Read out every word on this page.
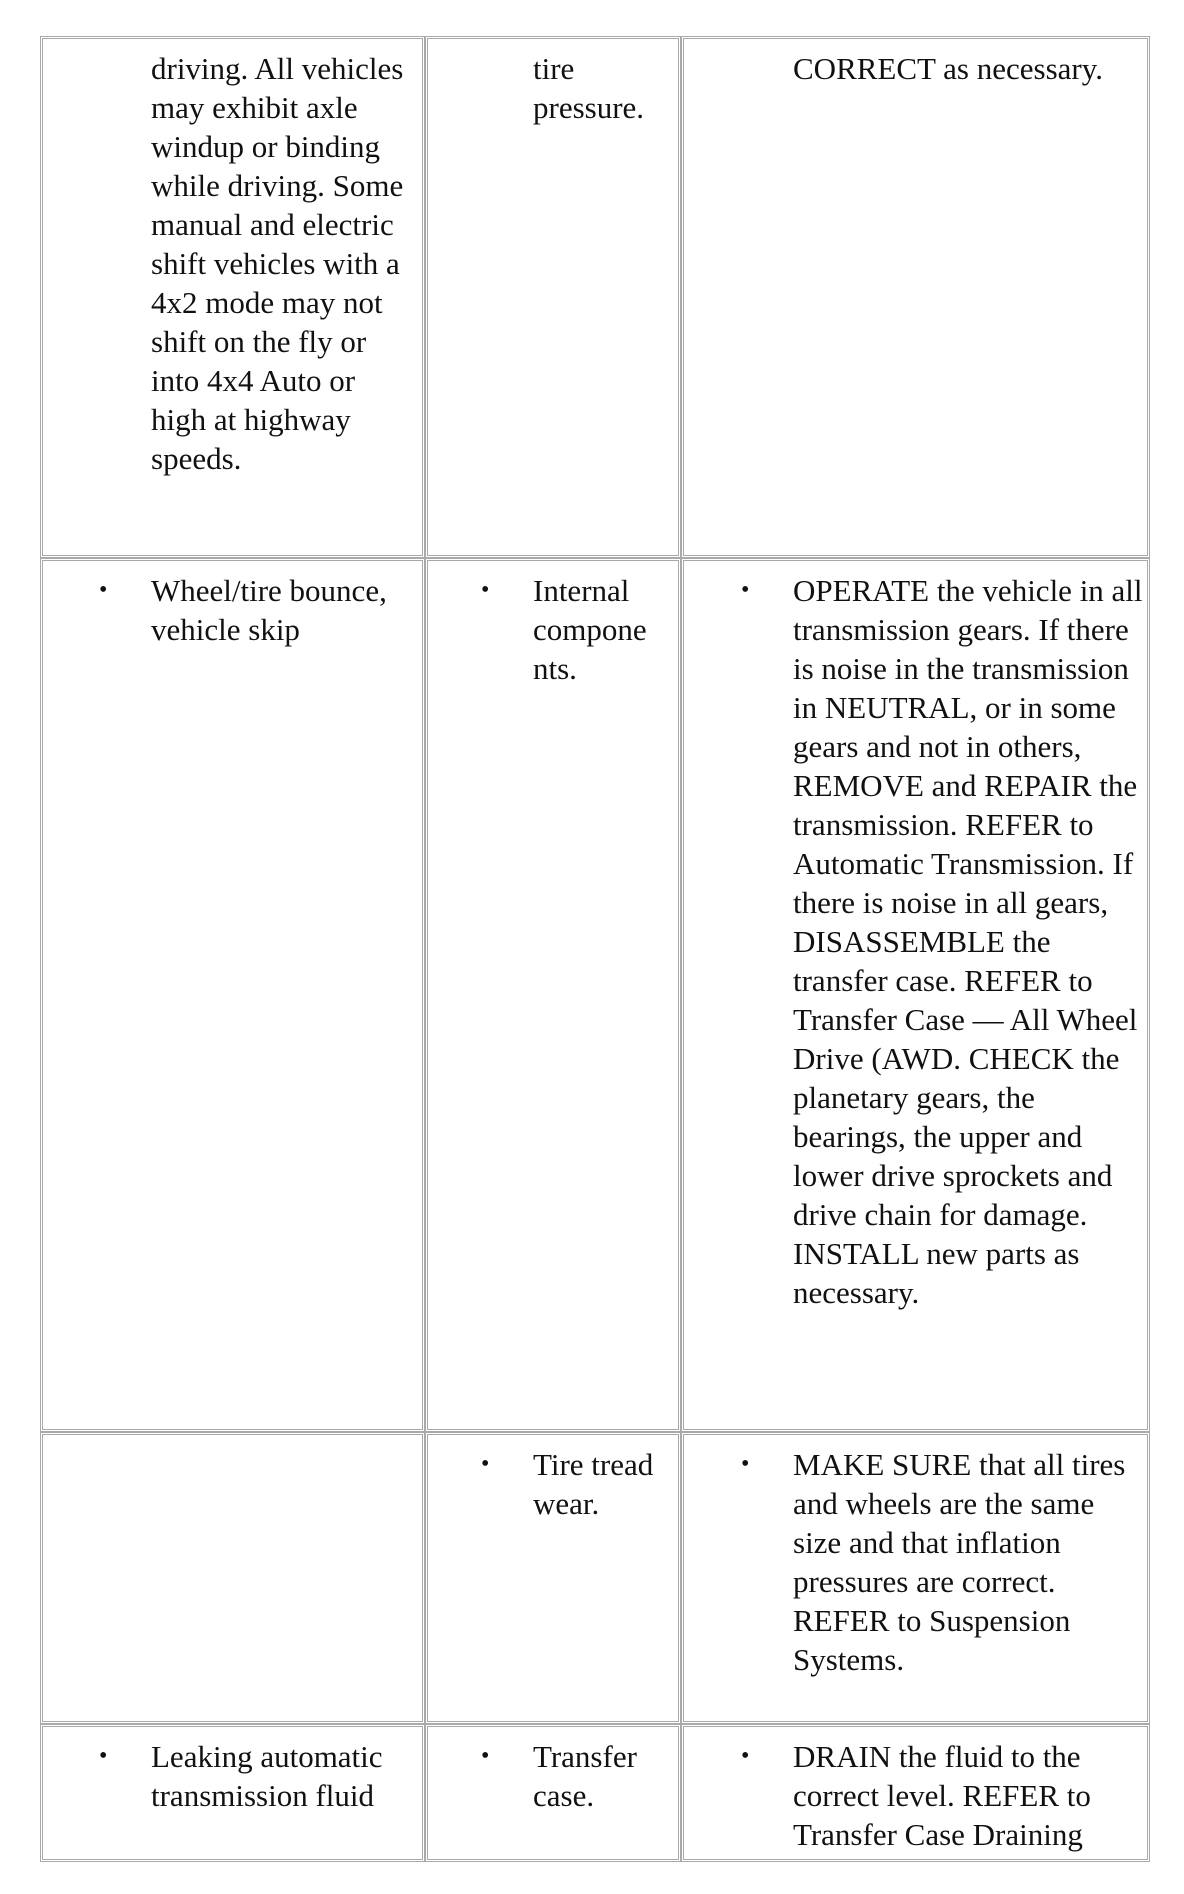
driving. All vehicles may exhibit axle windup or binding while driving. Some manual and electric shift vehicles with a 4x2 mode may not shift on the fly or into 4x4 Auto or high at highway speeds.	tire pressure.	CORRECT as necessary.

• Wheel/tire bounce, vehicle skip	• Internal compone nts.	• OPERATE the vehicle in all transmission gears. If there is noise in the transmission in NEUTRAL, or in some gears and not in others, REMOVE and REPAIR the transmission. REFER to Automatic Transmission. If there is noise in all gears, DISASSEMBLE the transfer case. REFER to Transfer Case — All Wheel Drive (AWD. CHECK the planetary gears, the bearings, the upper and lower drive sprockets and drive chain for damage. INSTALL new parts as necessary.

	• Tire tread wear.	• MAKE SURE that all tires and wheels are the same size and that inflation pressures are correct. REFER to Suspension Systems.

• Leaking automatic transmission fluid	• Transfer case.	• DRAIN the fluid to the correct level. REFER to Transfer Case Draining
